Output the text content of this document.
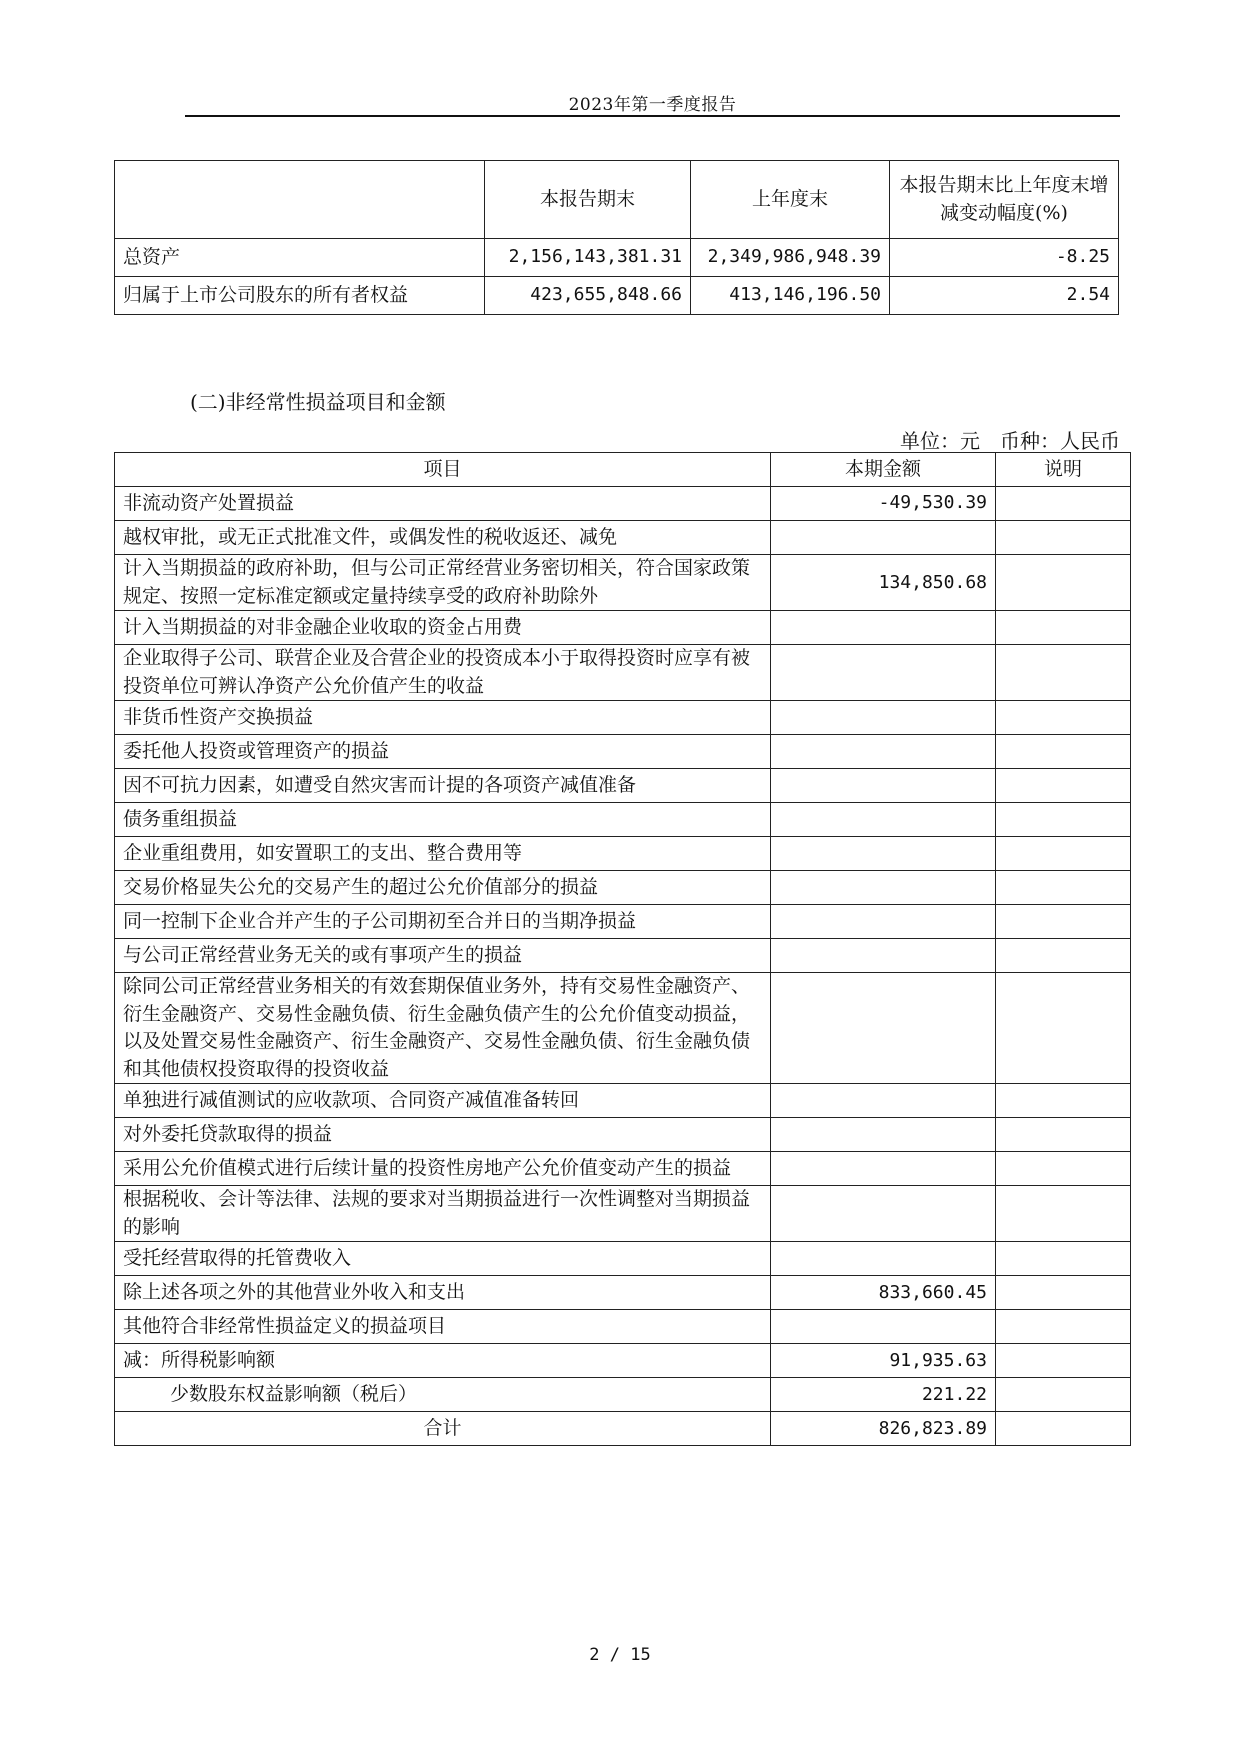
2023年第一季度报告
	本报告期末	上年度末	本报告期末比上年度末增减变动幅度(%)
总资产	2,156,143,381.31	2,349,986,948.39	-8.25
归属于上市公司股东的所有者权益	423,655,848.66	413,146,196.50	2.54
(二)非经常性损益项目和金额
单位：元　币种：人民币
项目	本期金额	说明
非流动资产处置损益	-49,530.39	
越权审批，或无正式批准文件，或偶发性的税收返还、减免		
计入当期损益的政府补助，但与公司正常经营业务密切相关，符合国家政策规定、按照一定标准定额或定量持续享受的政府补助除外	134,850.68	
计入当期损益的对非金融企业收取的资金占用费		
企业取得子公司、联营企业及合营企业的投资成本小于取得投资时应享有被投资单位可辨认净资产公允价值产生的收益		
非货币性资产交换损益		
委托他人投资或管理资产的损益		
因不可抗力因素，如遭受自然灾害而计提的各项资产减值准备		
债务重组损益		
企业重组费用，如安置职工的支出、整合费用等		
交易价格显失公允的交易产生的超过公允价值部分的损益		
同一控制下企业合并产生的子公司期初至合并日的当期净损益		
与公司正常经营业务无关的或有事项产生的损益		
除同公司正常经营业务相关的有效套期保值业务外，持有交易性金融资产、衍生金融资产、交易性金融负债、衍生金融负债产生的公允价值变动损益，以及处置交易性金融资产、衍生金融资产、交易性金融负债、衍生金融负债和其他债权投资取得的投资收益		
单独进行减值测试的应收款项、合同资产减值准备转回		
对外委托贷款取得的损益		
采用公允价值模式进行后续计量的投资性房地产公允价值变动产生的损益		
根据税收、会计等法律、法规的要求对当期损益进行一次性调整对当期损益的影响		
受托经营取得的托管费收入		
除上述各项之外的其他营业外收入和支出	833,660.45	
其他符合非经常性损益定义的损益项目		
减：所得税影响额	91,935.63	
少数股东权益影响额（税后）	221.22	
合计	826,823.89	
2 / 15
